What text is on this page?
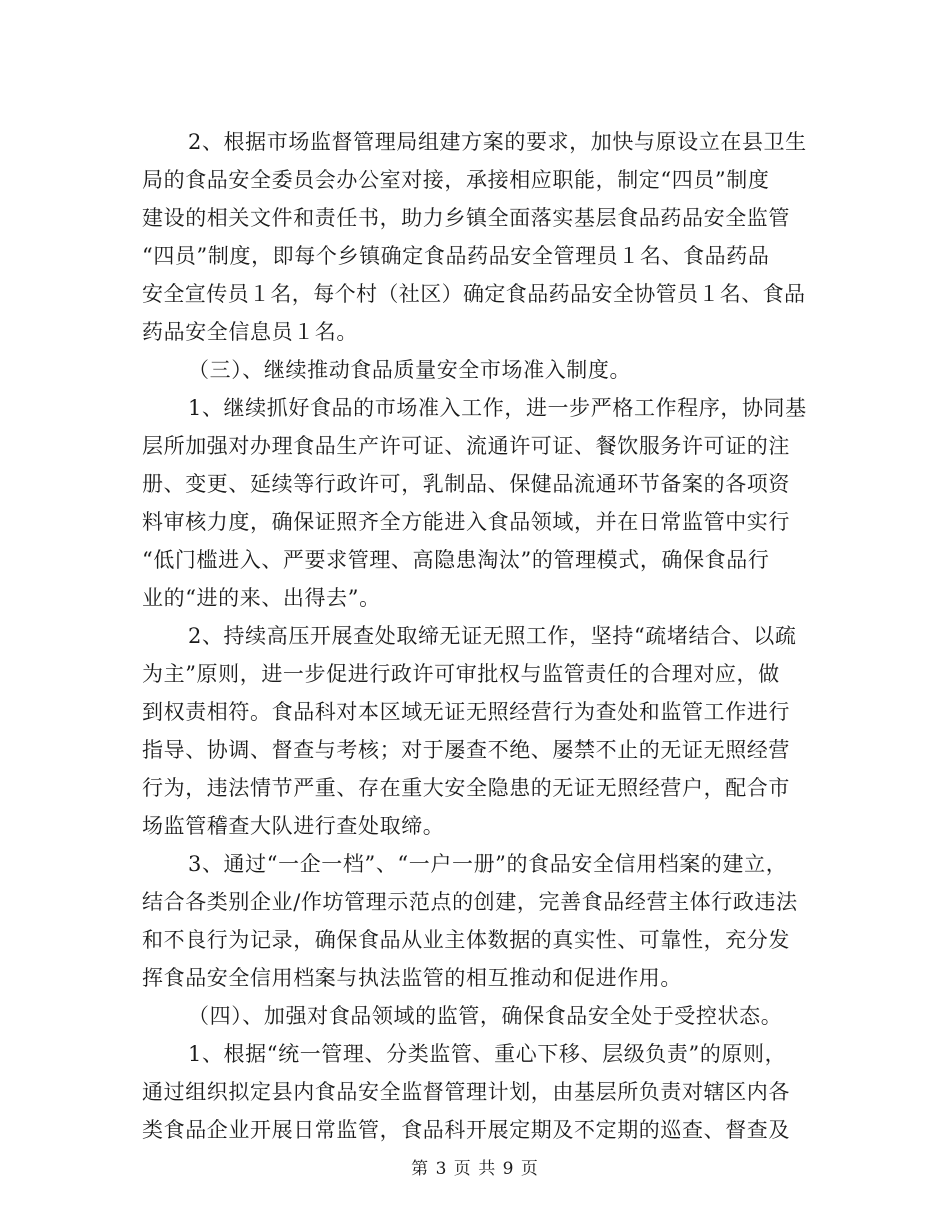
2、根据市场监督管理局组建方案的要求，加快与原设立在县卫生
局的食品安全委员会办公室对接，承接相应职能，制定“四员”制度
建设的相关文件和责任书，助力乡镇全面落实基层食品药品安全监管
“四员”制度，即每个乡镇确定食品药品安全管理员１名、食品药品
安全宣传员１名，每个村（社区）确定食品药品安全协管员１名、食品
药品安全信息员１名。
（三）、继续推动食品质量安全市场准入制度。
1、继续抓好食品的市场准入工作，进一步严格工作程序，协同基
层所加强对办理食品生产许可证、流通许可证、餐饮服务许可证的注
册、变更、延续等行政许可，乳制品、保健品流通环节备案的各项资
料审核力度，确保证照齐全方能进入食品领域，并在日常监管中实行
“低门槛进入、严要求管理、高隐患淘汰”的管理模式，确保食品行
业的“进的来、出得去”。
2、持续高压开展查处取缔无证无照工作，坚持“疏堵结合、以疏
为主”原则，进一步促进行政许可审批权与监管责任的合理对应，做
到权责相符。食品科对本区域无证无照经营行为查处和监管工作进行
指导、协调、督查与考核；对于屡查不绝、屡禁不止的无证无照经营
行为，违法情节严重、存在重大安全隐患的无证无照经营户，配合市
场监管稽查大队进行查处取缔。
3、通过“一企一档”、“一户一册”的食品安全信用档案的建立，
结合各类别企业/作坊管理示范点的创建，完善食品经营主体行政违法
和不良行为记录，确保食品从业主体数据的真实性、可靠性，充分发
挥食品安全信用档案与执法监管的相互推动和促进作用。
（四）、加强对食品领域的监管，确保食品安全处于受控状态。
1、根据“统一管理、分类监管、重心下移、层级负责”的原则，
通过组织拟定县内食品安全监督管理计划，由基层所负责对辖区内各
类食品企业开展日常监管，食品科开展定期及不定期的巡查、督查及
第 3 页 共 9 页
